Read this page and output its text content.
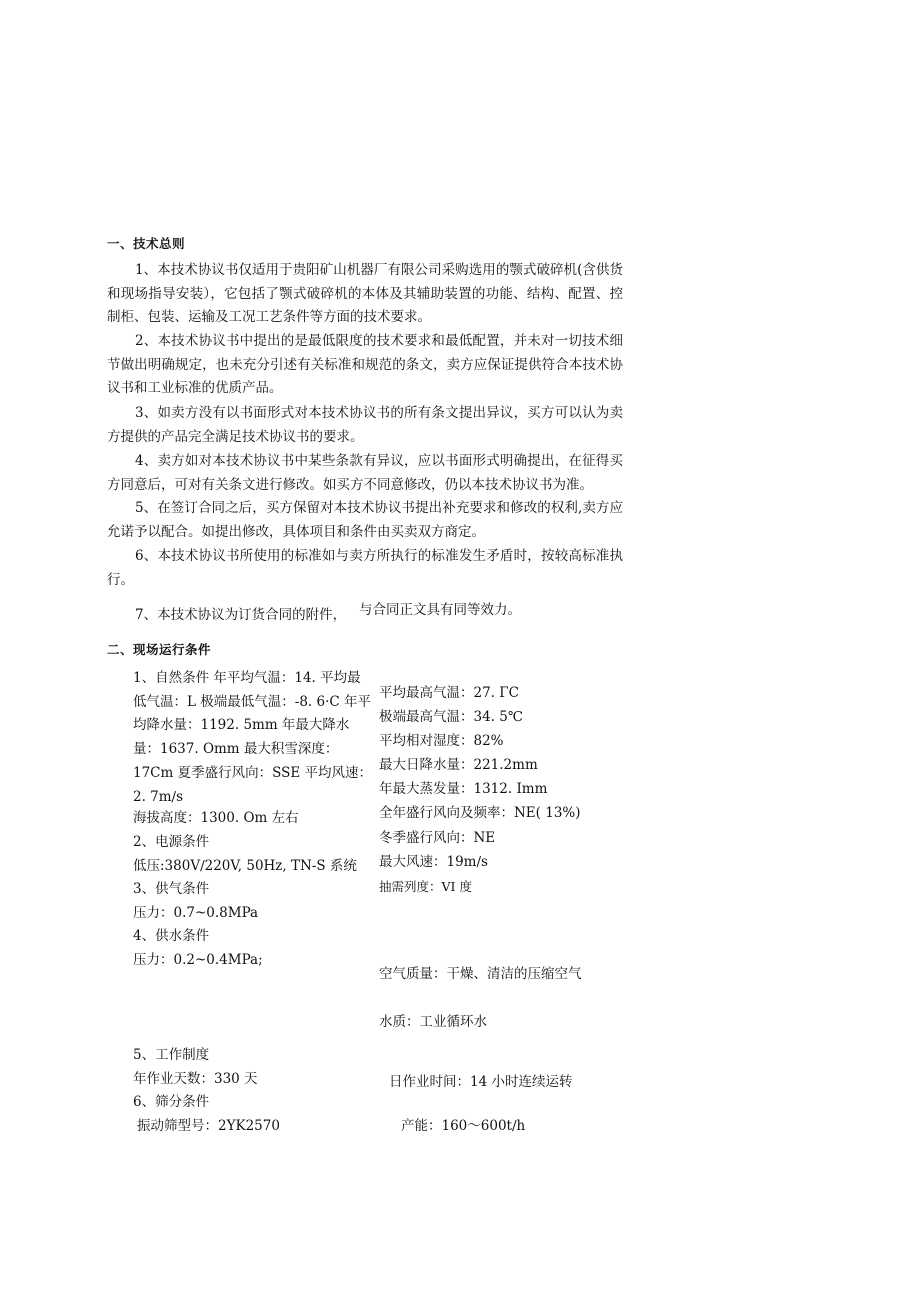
一、技术总则

1、本技术协议书仅适用于贵阳矿山机器厂有限公司采购选用的颚式破碎机(含供货和现场指导安装），它包括了颚式破碎机的本体及其辅助装置的功能、结构、配置、控制柜、包装、运输及工况工艺条件等方面的技术要求。

2、本技术协议书中提出的是最低限度的技术要求和最低配置，并未对一切技术细节做出明确规定，也未充分引述有关标准和规范的条文，卖方应保证提供符合本技术协议书和工业标准的优质产品。

3、如卖方没有以书面形式对本技术协议书的所有条文提出异议，买方可以认为卖方提供的产品完全满足技术协议书的要求。

4、卖方如对本技术协议书中某些条款有异议，应以书面形式明确提出，在征得买方同意后，可对有关条文进行修改。如买方不同意修改，仍以本技术协议书为准。

5、在签订合同之后，买方保留对本技术协议书提出补充要求和修改的权利,卖方应允诺予以配合。如提出修改，具体项目和条件由买卖双方商定。

6、本技术协议书所使用的标准如与卖方所执行的标准发生矛盾时，按较高标准执行。

7、本技术协议为订货合同的附件， 与合同正文具有同等效力。

二、现场运行条件

1、自然条件 年平均气温：14. 平均最低气温：L 极端最低气温：-8. 6·C 年平均降水量：1192. 5mm 年最大降水量：1637. Omm 最大积雪深度：17Cm 夏季盛行风向：SSE 平均风速：2. 7m∕s

海拔高度：1300. Om 左右

平均最高气温：27. ΓC

极端最高气温：34. 5℃

平均相对湿度：82%

最大日降水量：221.2mm

年最大蒸发量：1312. Imm

全年盛行风向及频率：NE( 13%)

冬季盛行风向：NE

最大风速：19m∕s

抽需列度：VI 度

2、电源条件

低压:380V∕220V, 50Hz, TN-S 系统

3、供气条件

压力：0.7~0.8MPa

4、供水条件

压力：0.2~0.4MPa;

空气质量：干燥、清洁的压缩空气

水质：工业循环水

5、工作制度

年作业天数：330 天	日作业时间：14 小时连续运转

6、筛分条件

振动筛型号：2YK2570	产能：160～600t∕h
